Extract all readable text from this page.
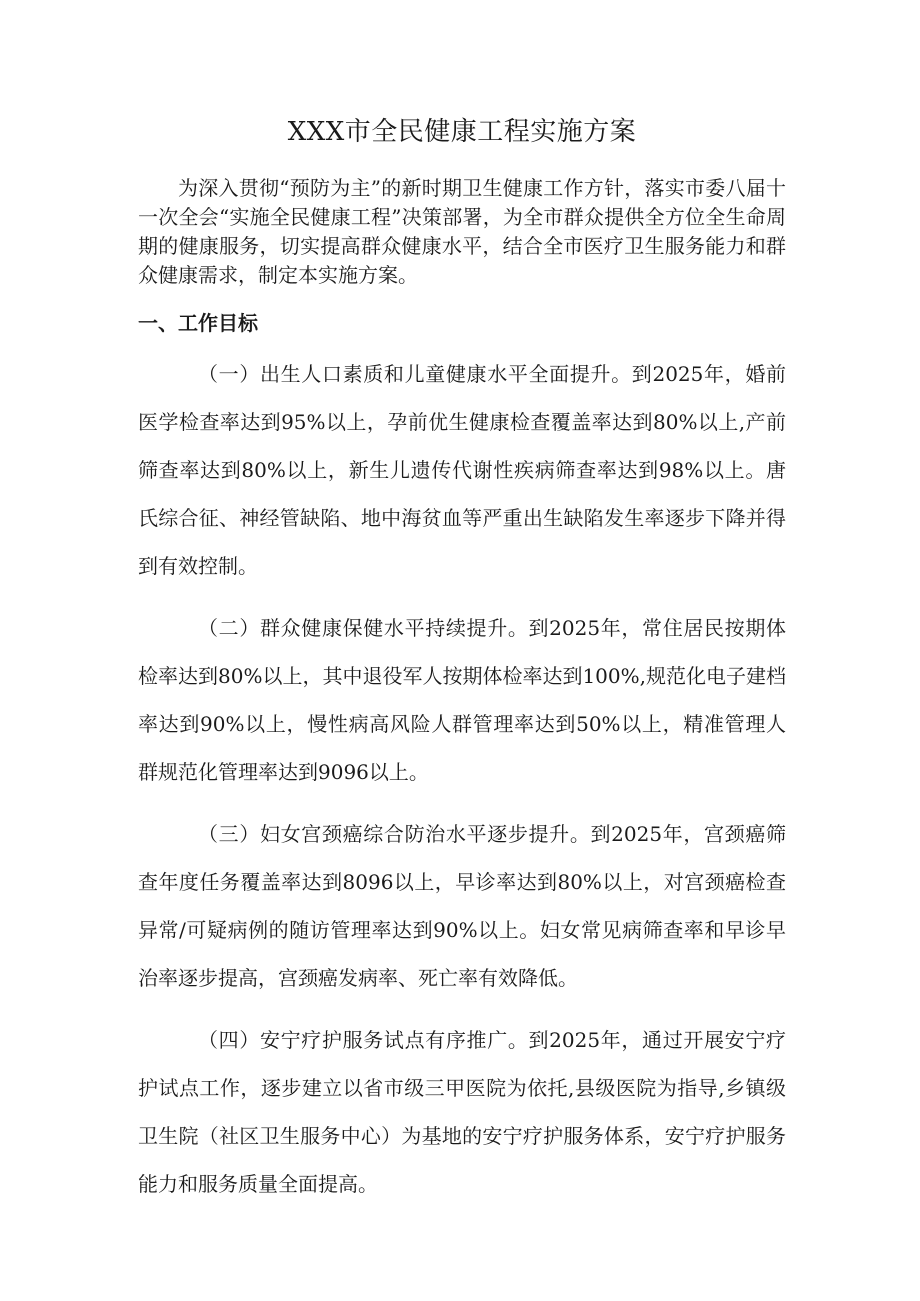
XXX市全民健康工程实施方案

为深入贯彻“预防为主”的新时期卫生健康工作方针，落实市委八届十一次全会“实施全民健康工程”决策部署，为全市群众提供全方位全生命周期的健康服务，切实提高群众健康水平，结合全市医疗卫生服务能力和群众健康需求，制定本实施方案。

一、工作目标

（一）出生人口素质和儿童健康水平全面提升。到2025年，婚前医学检查率达到95%以上，孕前优生健康检查覆盖率达到80%以上,产前筛查率达到80%以上，新生儿遗传代谢性疾病筛查率达到98%以上。唐氏综合征、神经管缺陷、地中海贫血等严重出生缺陷发生率逐步下降并得到有效控制。

（二）群众健康保健水平持续提升。到2025年，常住居民按期体检率达到80%以上，其中退役军人按期体检率达到100%,规范化电子建档率达到90%以上，慢性病高风险人群管理率达到50%以上，精准管理人群规范化管理率达到9096以上。

（三）妇女宫颈癌综合防治水平逐步提升。到2025年，宫颈癌筛查年度任务覆盖率达到8096以上，早诊率达到80%以上，对宫颈癌检查异常/可疑病例的随访管理率达到90%以上。妇女常见病筛查率和早诊早治率逐步提高，宫颈癌发病率、死亡率有效降低。

（四）安宁疗护服务试点有序推广。到2025年，通过开展安宁疗护试点工作，逐步建立以省市级三甲医院为依托,县级医院为指导,乡镇级卫生院（社区卫生服务中心）为基地的安宁疗护服务体系，安宁疗护服务能力和服务质量全面提高。
